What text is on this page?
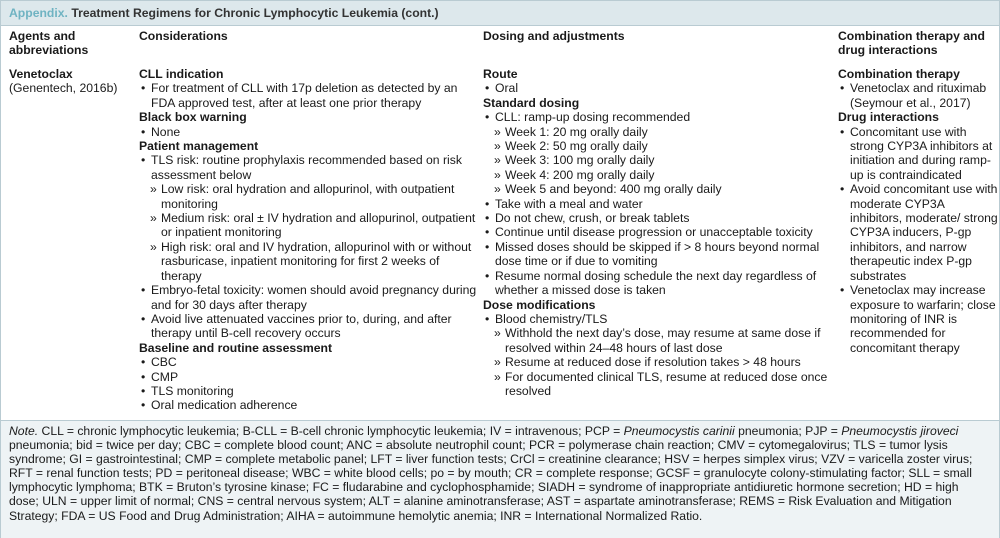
Appendix. Treatment Regimens for Chronic Lymphocytic Leukemia (cont.)
Agents and
abbreviations
Venetoclax
(Genentech, 2016b)
Considerations
CLL indication
• For treatment of CLL with 17p deletion as detected by an FDA approved test, after at least one prior therapy
Black box warning
• None
Patient management
• TLS risk: routine prophylaxis recommended based on risk assessment below
» Low risk: oral hydration and allopurinol, with outpatient monitoring
» Medium risk: oral ± IV hydration and allopurinol, outpatient or inpatient monitoring
» High risk: oral and IV hydration, allopurinol with or without rasburicase, inpatient monitoring for first 2 weeks of therapy
• Embryo-fetal toxicity: women should avoid pregnancy during and for 30 days after therapy
• Avoid live attenuated vaccines prior to, during, and after therapy until B-cell recovery occurs
Baseline and routine assessment
• CBC
• CMP
• TLS monitoring
• Oral medication adherence
Dosing and adjustments
Route
• Oral
Standard dosing
• CLL: ramp-up dosing recommended
» Week 1: 20 mg orally daily
» Week 2: 50 mg orally daily
» Week 3: 100 mg orally daily
» Week 4: 200 mg orally daily
» Week 5 and beyond: 400 mg orally daily
• Take with a meal and water
• Do not chew, crush, or break tablets
• Continue until disease progression or unacceptable toxicity
• Missed doses should be skipped if > 8 hours beyond normal dose time or if due to vomiting
• Resume normal dosing schedule the next day regardless of whether a missed dose is taken
Dose modifications
• Blood chemistry/TLS
» Withhold the next day’s dose, may resume at same dose if resolved within 24–48 hours of last dose
» Resume at reduced dose if resolution takes > 48 hours
» For documented clinical TLS, resume at reduced dose once resolved
Combination therapy and
drug interactions
Combination therapy
• Venetoclax and rituximab (Seymour et al., 2017)
Drug interactions
• Concomitant use with strong CYP3A inhibitors at initiation and during ramp-up is contraindicated
• Avoid concomitant use with moderate CYP3A inhibitors, moderate/ strong CYP3A inducers, P-gp inhibitors, and narrow therapeutic index P-gp substrates
• Venetoclax may increase exposure to warfarin; close monitoring of INR is recommended for concomitant therapy
Note. CLL = chronic lymphocytic leukemia; B-CLL = B-cell chronic lymphocytic leukemia; IV = intravenous; PCP = Pneumocystis carinii pneumonia; PJP = Pneumocystis jiroveci pneumonia; bid = twice per day; CBC = complete blood count; ANC = absolute neutrophil count; PCR = polymerase chain reaction; CMV = cytomegalovirus; TLS = tumor lysis syndrome; GI = gastrointestinal; CMP = complete metabolic panel; LFT = liver function tests; CrCl = creatinine clearance; HSV = herpes simplex virus; VZV = varicella zoster virus; RFT = renal function tests; PD = peritoneal disease; WBC = white blood cells; po = by mouth; CR = complete response; GCSF = granulocyte colony-stimulating factor; SLL = small lymphocytic lymphoma; BTK = Bruton’s tyrosine kinase; FC = fludarabine and cyclophosphamide; SIADH = syndrome of inappropriate antidiuretic hormone secretion; HD = high dose; ULN = upper limit of normal; CNS = central nervous system; ALT = alanine aminotransferase; AST = aspartate aminotransferase; REMS = Risk Evaluation and Mitigation Strategy; FDA = US Food and Drug Administration; AIHA = autoimmune hemolytic anemia; INR = International Normalized Ratio.
